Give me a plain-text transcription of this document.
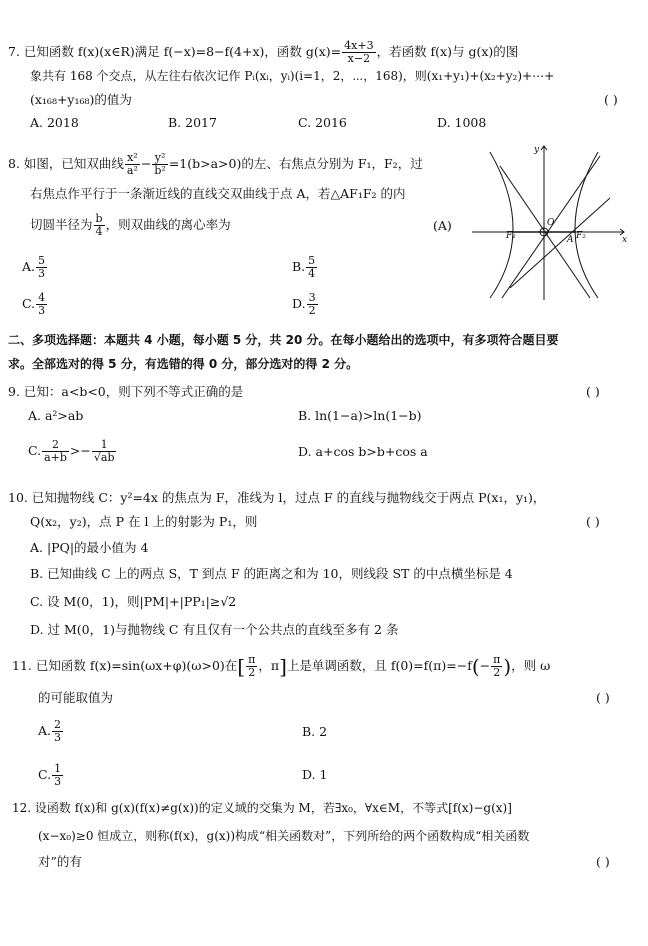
7. 已知函数 f(x)(x∈R)满足 f(−x)=8−f(4+x)，函数 $g(x)= \frac{4x+3}{x-2}$ ，若函数 f(x)与 g(x)的图
象共有 168 个交点，从左往右依次记作 Pᵢ(xᵢ，yᵢ)(i=1，2，⋯，168)，则(x₁+y₁)+(x₂+y₂)+⋯+
(x₁₆₈+y₁₆₈)的值为	( )
A. 2018	B. 2017	C. 2016	D. 1008
8. 如图，已知双曲线 $\frac{\text{x²}}{\text{a²}} - \frac{\text{y²}}{\text{b²}} =1(b>a>0)$的左、右焦点分别为 F₁，F₂，过
右焦点作平行于一条渐近线的直线交双曲线于点 A，若△AF₁F₂ 的内
切圆半径为 $\frac{b}{4}$ ，则双曲线的离心率为	(A)
A. $\frac{5}{3}$	B. $\frac{5}{4}$
C. $\frac{4}{3}$	D. $\frac{3}{2}$
y
x
O
F₁	F₂
A
二、多项选择题：本题共 4 小题，每小题 5 分，共 20 分。在每小题给出的选项中，有多项符合题目要
求。全部选对的得 5 分，有选错的得 0 分，部分选对的得 2 分。
9. 已知：a<b<0，则下列不等式正确的是	( )
A. a²>ab	B. ln(1−a)>ln(1−b)
C. $\frac{2}{a+b} >- \frac{1}{√ab}$	D. a+cos b>b+cos a
10. 已知抛物线 C：y²=4x 的焦点为 F，准线为 l，过点 F 的直线与抛物线交于两点 P(x₁，y₁)，
Q(x₂，y₂)，点 P 在 l 上的射影为 P₁，则	( )
A. |PQ|的最小值为 4
B. 已知曲线 C 上的两点 S，T 到点 F 的距离之和为 10，则线段 ST 的中点横坐标是 4
C. 设 M(0，1)，则|PM|+|PP₁|≥√2
D. 过 M(0，1)与抛物线 C 有且仅有一个公共点的直线至多有 2 条
11. 已知函数 f(x)=sin(ωx+φ)(ω>0)在[ $\frac{\pi}{2}$ ，π]上是单调函数，且 $f(0)=f(\pi)=-f(- \frac{\pi}{2}$ )，则 ω
的可能取值为	( )
A. $\frac{2}{3}$	B. 2
C. $\frac{1}{3}$	D. 1
12. 设函数 f(x)和 g(x)(f(x)≠g(x))的定义域的交集为 M，若∃x₀，∀x∈M，不等式[f(x)−g(x)]
(x−x₀)≥0 恒成立，则称(f(x)，g(x))构成“相关函数对”，下列所给的两个函数构成“相关函数
对”的有	( )
